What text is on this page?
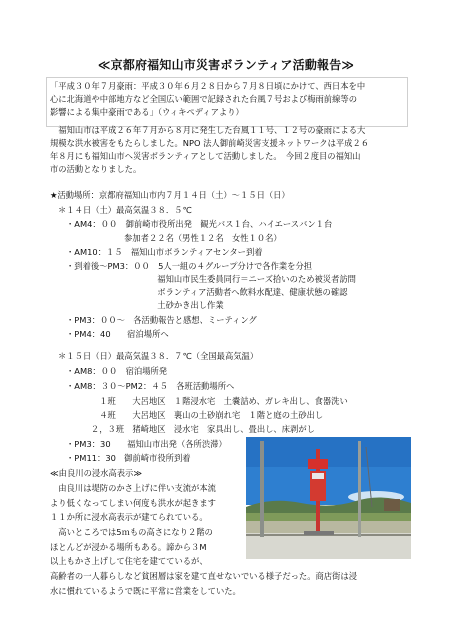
≪京都府福知山市災害ボランティア活動報告≫
「平成３０年７月豪雨：平成３０年６月２８日から７月８日頃にかけて、西日本を中
心に北海道や中部地方など全国広い範囲で記録された台風７号および梅雨前線等の
影響による集中豪雨である」（ウィキペディアより）
　福知山市は平成２６年７月から８月に発生した台風１１号、１２号の豪雨による大
規模な洪水被害をもたらしました。NPO 法人御前崎災害支援ネットワークは平成２６
年８月にも福知山市へ災害ボランティアとして活動しました。　今回２度目の福知山
市の活動となりました。
★活動場所：京都府福知山市内７月１４日（土）～１５日（日）
＊１４日（土）最高気温３８．５℃
・AM4：００　御前崎市役所出発　観光バス１台、ハイエースバン１台
　　　　　　　参加者２２名（男性１２名　女性１０名）
・AM10：１５　福知山市ボランティアセンター到着
・到着後～PM3：００　5人一組の４グループ分けで各作業を分担
　　　　　　　　　　　福知山市民生委員同行＝ニーズ拾いのため被災者訪問
　　　　　　　　　　　ボランティア活動者へ飲料水配達、健康状態の確認
　　　　　　　　　　　土砂かき出し作業
・PM3：００～　各活動報告と感想、ミーティング
・PM4：40　　宿泊場所へ
＊１５日（日）最高気温３８．７℃（全国最高気温）
・AM8：００　宿泊場所発
・AM8：３０～PM2：４５　各班活動場所へ
　　　　１班　　大呂地区　１階浸水宅　土嚢詰め、ガレキ出し、食器洗い
　　　　４班　　大呂地区　裏山の土砂崩れ宅　１階と庭の土砂出し
　　　２，３班　猪崎地区　浸水宅　家具出し、畳出し、床剥がし
・PM3：30　　福知山市出発（各所渋滞）
・PM11：30　御前崎市役所到着
≪由良川の浸水高表示≫
　由良川は堤防のかさ上げに伴い支流が本流
より低くなってしまい何度も洪水が起きます
１１か所に浸水高表示が建てられている。
　高いところでは5ｍもの高さになり２階の
ほとんどが浸かる場所もある。諦から３M
以上もかさ上げして住宅を建てているが、
高齢者の一人暮らしなど貧困層は家を建て直せないでいる様子だった。商店街は浸
水に慣れているようで既に平常に営業をしていた。
